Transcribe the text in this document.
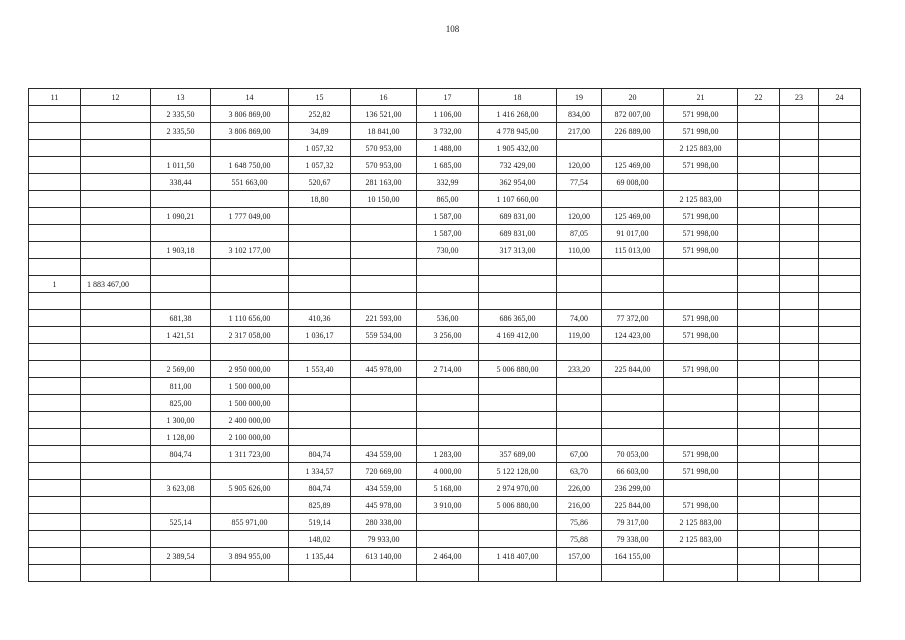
108
11	12	13	14	15	16	17	18	19	20	21	22	23	24
		2 335,50	3 806 869,00	252,82	136 521,00	1 106,00	1 416 268,00	834,00	872 007,00	571 998,00			
		2 335,50	3 806 869,00	34,89	18 841,00	3 732,00	4 778 945,00	217,00	226 889,00	571 998,00			
				1 057,32	570 953,00	1 488,00	1 905 432,00			2 125 883,00			
		1 011,50	1 648 750,00	1 057,32	570 953,00	1 685,00	732 429,00	120,00	125 469,00	571 998,00			
		338,44	551 663,00	520,67	281 163,00	332,99	362 954,00	77,54	69 008,00				
				18,80	10 150,00	865,00	1 107 660,00			2 125 883,00			
		1 090,21	1 777 049,00			1 587,00	689 831,00	120,00	125 469,00	571 998,00			
						1 587,00	689 831,00	87,05	91 017,00	571 998,00			
		1 903,18	3 102 177,00			730,00	317 313,00	110,00	115 013,00	571 998,00			

1	1 883 467,00												

		681,38	1 110 656,00	410,36	221 593,00	536,00	686 365,00	74,00	77 372,00	571 998,00			
		1 421,51	2 317 058,00	1 036,17	559 534,00	3 256,00	4 169 412,00	119,00	124 423,00	571 998,00			

		2 569,00	2 950 000,00	1 553,40	445 978,00	2 714,00	5 006 880,00	233,20	225 844,00	571 998,00			
		811,00	1 500 000,00										
		825,00	1 500 000,00										
		1 300,00	2 400 000,00										
		1 128,00	2 100 000,00										
		804,74	1 311 723,00	804,74	434 559,00	1 283,00	357 689,00	67,00	70 053,00	571 998,00			
				1 334,57	720 669,00	4 000,00	5 122 128,00	63,70	66 603,00	571 998,00			
		3 623,08	5 905 626,00	804,74	434 559,00	5 168,00	2 974 970,00	226,00	236 299,00				
				825,89	445 978,00	3 910,00	5 006 880,00	216,00	225 844,00	571 998,00			
		525,14	855 971,00	519,14	280 338,00			75,86	79 317,00	2 125 883,00			
				148,02	79 933,00			75,88	79 338,00	2 125 883,00			
		2 389,54	3 894 955,00	1 135,44	613 140,00	2 464,00	1 418 407,00	157,00	164 155,00				
